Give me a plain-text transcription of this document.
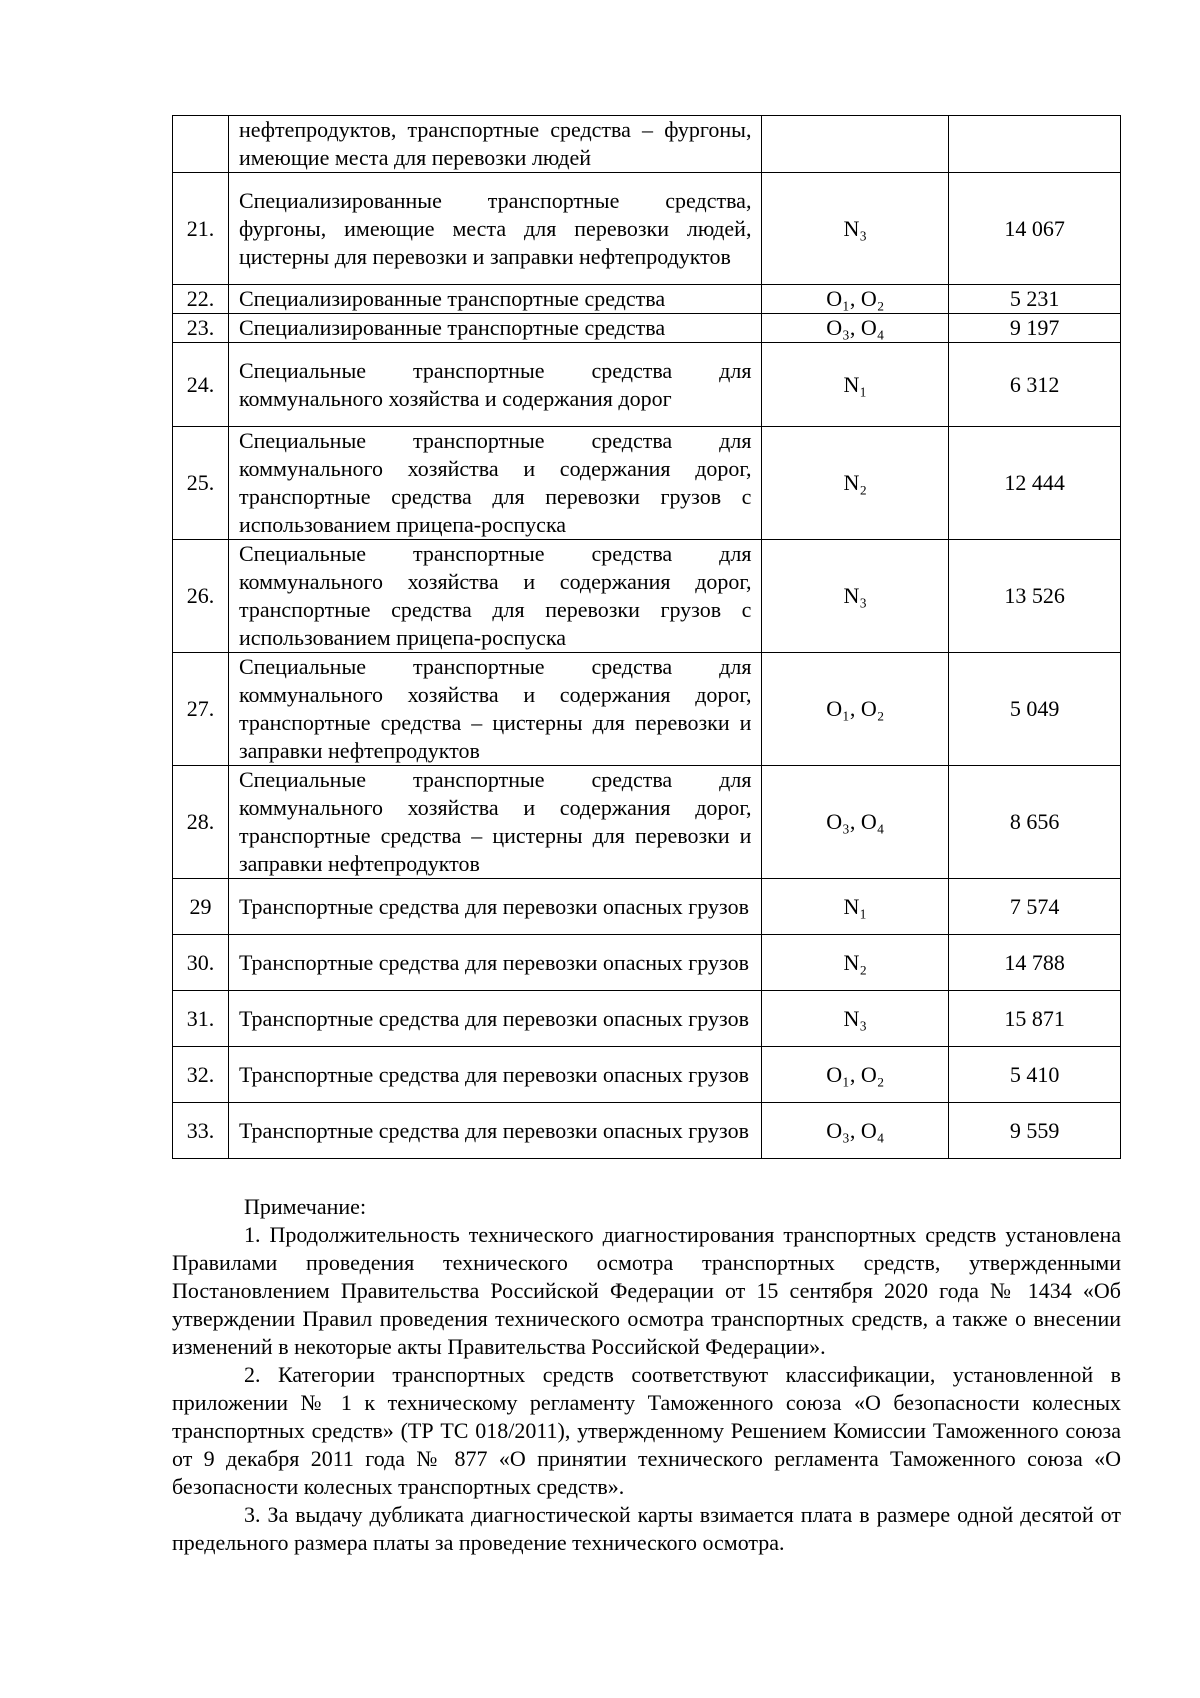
	нефтепродуктов, транспортные средства – фургоны, имеющие места для перевозки людей		
21.	Специализированные транспортные средства, фургоны, имеющие места для перевозки людей, цистерны для перевозки и заправки нефтепродуктов	N₃	14 067
22.	Специализированные транспортные средства	O₁, O₂	5 231
23.	Специализированные транспортные средства	O₃, O₄	9 197
24.	Специальные транспортные средства для коммунального хозяйства и содержания дорог	N₁	6 312
25.	Специальные транспортные средства для коммунального хозяйства и содержания дорог, транспортные средства для перевозки грузов с использованием прицепа-роспуска	N₂	12 444
26.	Специальные транспортные средства для коммунального хозяйства и содержания дорог, транспортные средства для перевозки грузов с использованием прицепа-роспуска	N₃	13 526
27.	Специальные транспортные средства для коммунального хозяйства и содержания дорог, транспортные средства – цистерны для перевозки и заправки нефтепродуктов	O₁, O₂	5 049
28.	Специальные транспортные средства для коммунального хозяйства и содержания дорог, транспортные средства – цистерны для перевозки и заправки нефтепродуктов	O₃, O₄	8 656
29	Транспортные средства для перевозки опасных грузов	N₁	7 574
30.	Транспортные средства для перевозки опасных грузов	N₂	14 788
31.	Транспортные средства для перевозки опасных грузов	N₃	15 871
32.	Транспортные средства для перевозки опасных грузов	O₁, O₂	5 410
33.	Транспортные средства для перевозки опасных грузов	O₃, O₄	9 559

Примечание:

1. Продолжительность технического диагностирования транспортных средств установлена Правилами проведения технического осмотра транспортных средств, утвержденными Постановлением Правительства Российской Федерации от 15 сентября 2020 года № 1434 «Об утверждении Правил проведения технического осмотра транспортных средств, а также о внесении изменений в некоторые акты Правительства Российской Федерации».

2. Категории транспортных средств соответствуют классификации, установленной в приложении № 1 к техническому регламенту Таможенного союза «О безопасности колесных транспортных средств» (ТР ТС 018/2011), утвержденному Решением Комиссии Таможенного союза от 9 декабря 2011 года № 877 «О принятии технического регламента Таможенного союза «О безопасности колесных транспортных средств».

3. За выдачу дубликата диагностической карты взимается плата в размере одной десятой от предельного размера платы за проведение технического осмотра.
